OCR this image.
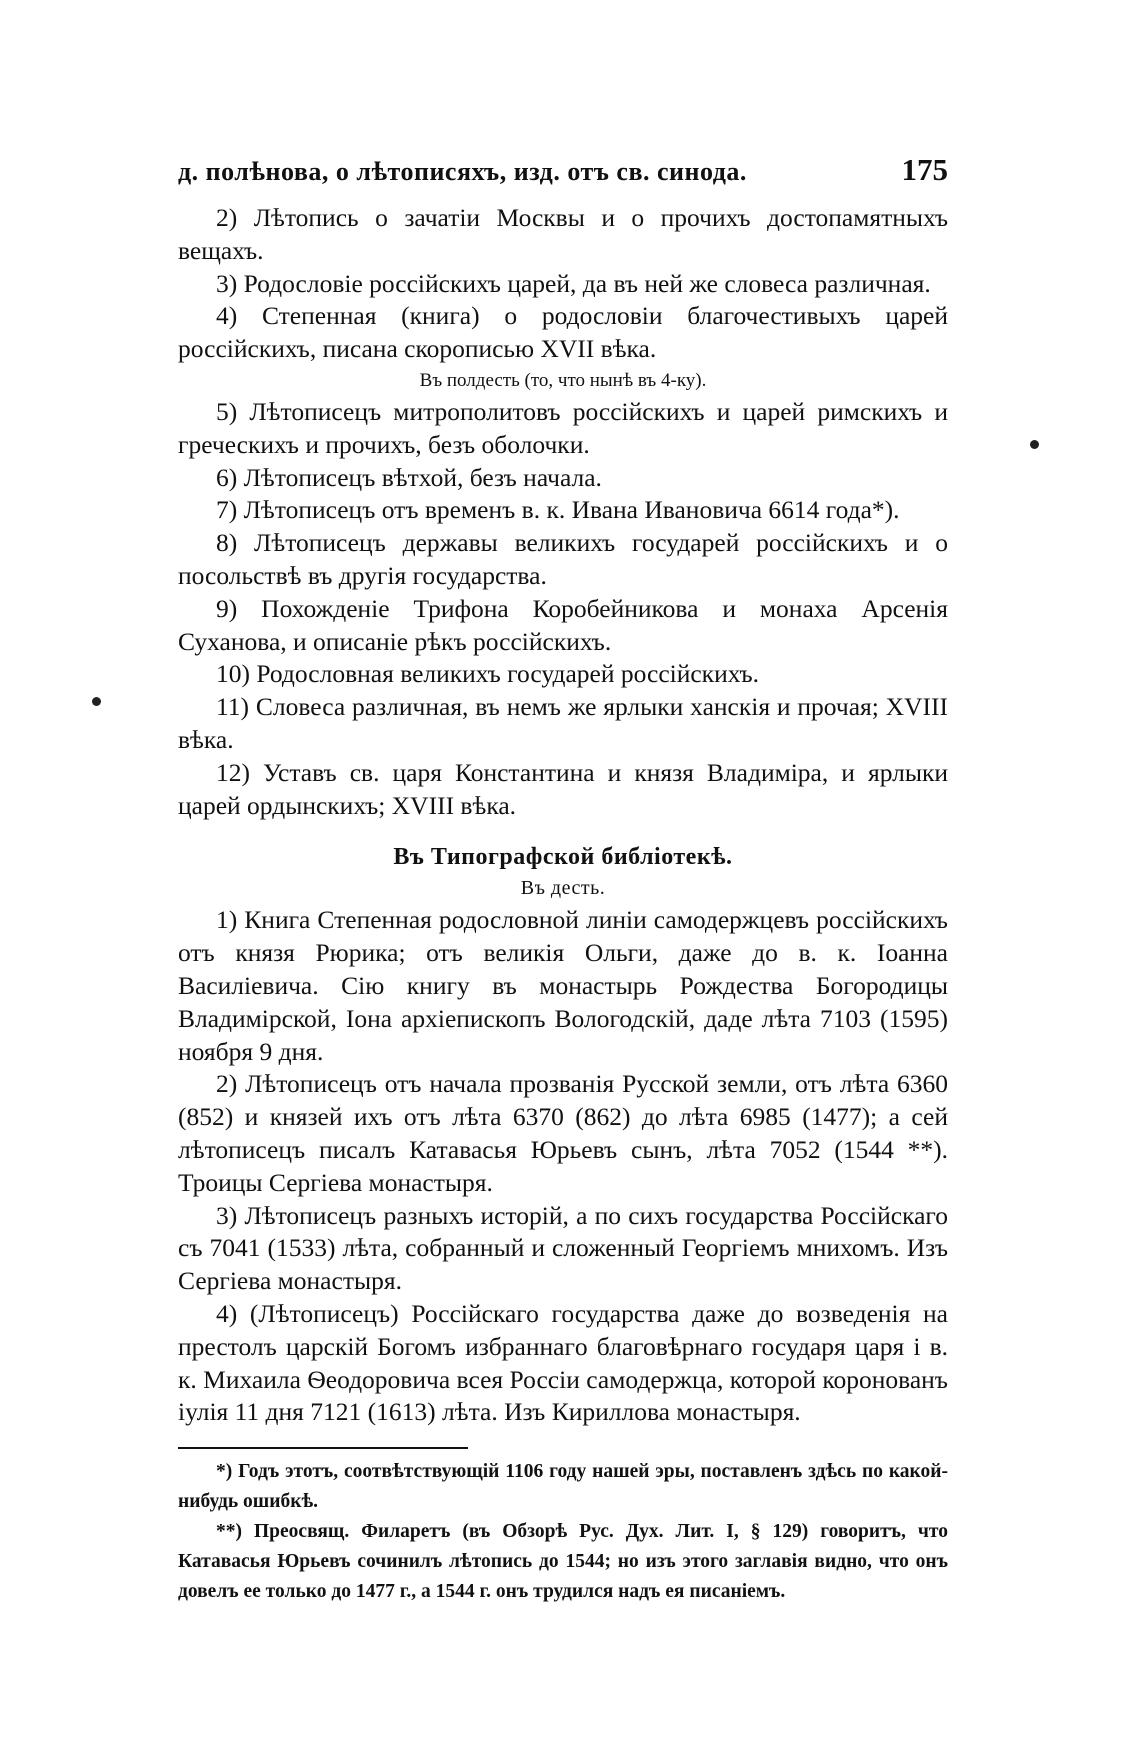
д. полѣнова, о лѣтописяхъ, изд. отъ св. синода.	175

2) Лѣтопись о зачатіи Москвы и о прочихъ достопамятныхъ вещахъ.

3) Родословіе россійскихъ царей, да въ ней же словеса различная.

4) Степенная (книга) о родословіи благочестивыхъ царей россійскихъ, писана скорописью XVII вѣка.

Въ полдесть (то, что нынѣ въ 4-ку).

5) Лѣтописецъ митрополитовъ россійскихъ и царей римскихъ и греческихъ и прочихъ, безъ оболочки.

6) Лѣтописецъ вѣтхой, безъ начала.

7) Лѣтописецъ отъ временъ в. к. Ивана Ивановича 6614 года*).

8) Лѣтописецъ державы великихъ государей россійскихъ и о посольствѣ въ другія государства.

9) Похожденіе Трифона Коробейникова и монаха Арсенія Суханова, и описаніе рѣкъ россійскихъ.

10) Родословная великихъ государей россійскихъ.

11) Словеса различная, въ немъ же ярлыки ханскія и прочая; XVIII вѣка.

12) Уставъ св. царя Константина и князя Владиміра, и ярлыки царей ордынскихъ; XVIII вѣка.

Въ Типографской библіотекѣ.
Въ десть.

1) Книга Степенная родословной линіи самодержцевъ россійскихъ отъ князя Рюрика; отъ великія Ольги, даже до в. к. Іоанна Василіевича. Сію книгу въ монастырь Рождества Богородицы Владимірской, Іона архіепископъ Вологодскій, даде лѣта 7103 (1595) ноября 9 дня.

2) Лѣтописецъ отъ начала прозванія Русской земли, отъ лѣта 6360 (852) и князей ихъ отъ лѣта 6370 (862) до лѣта 6985 (1477); а сей лѣтописецъ писалъ Катавасья Юрьевъ сынъ, лѣта 7052 (1544 **). Троицы Сергіева монастыря.

3) Лѣтописецъ разныхъ исторій, а по сихъ государства Россійскаго съ 7041 (1533) лѣта, собранный и сложенный Георгіемъ мнихомъ. Изъ Сергіева монастыря.

4) (Лѣтописецъ) Россійскаго государства даже до возведенія на престолъ царскій Богомъ избраннагo благовѣрнагo государя царя і в. к. Михаила Ѳеодоровича всея Россіи самодержца, которой коронованъ іулія 11 дня 7121 (1613) лѣта. Изъ Кириллова монастыря.

*) Годъ этотъ, соотвѣтствующій 1106 году нашей эры, поставленъ здѣсь по какой-нибудь ошибкѣ.

**) Преосвящ. Филаретъ (въ Обзорѣ Рус. Дух. Лит. I, § 129) говоритъ, что Катавасья Юрьевъ сочинилъ лѣтопись до 1544; но изъ этого заглавія видно, что онъ довелъ ее только до 1477 г., а 1544 г. онъ трудился надъ ея писаніемъ.
